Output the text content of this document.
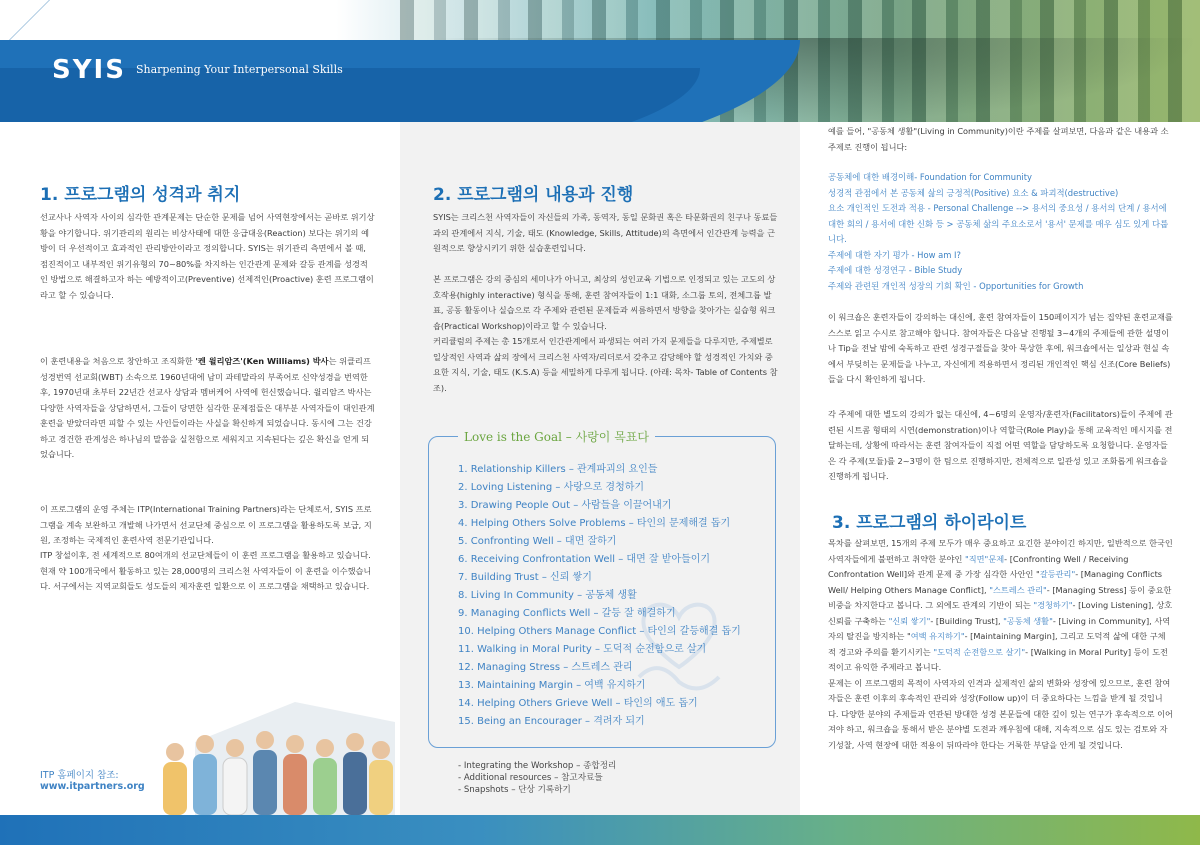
SYIS Sharpening Your Interpersonal Skills
1. 프로그램의 성격과 취지
선교사나 사역자 사이의 심각한 관계문제는 단순한 문제를 넘어 사역현장에서는 곧바로 위기상황을 야기합니다. 위기관리의 원리는 비상사태에 대한 응급대응(Reaction) 보다는 위기의 예방이 더 우선적이고 효과적인 관리방안이라고 정의합니다. SYIS는 위기관리 측면에서 볼 때, 점진적이고 내부적인 위기유형의 70~80%를 차지하는 인간관계 문제와 갈등 관계를 성경적인 방법으로 해결하고자 하는 예방적이고(Preventive) 선제적인(Proactive) 훈련 프로그램이라고 할 수 있습니다.
이 훈련내용을 처음으로 창안하고 조직화한 '켄 윌리암즈'(Ken Williams) 박사는 위클리프 성경번역 선교회(WBT) 소속으로 1960년대에 남미 과테말라의 부족어로 신약성경을 번역한 후, 1970년대 초부터 22년간 선교사 상담과 멤버케어 사역에 헌신했습니다. 윌리암즈 박사는 다양한 사역자들을 상담하면서, 그들이 당면한 심각한 문제점들은 대부분 사역자들이 대인관계 훈련을 받았더라면 피할 수 있는 사인들이라는 사실을 확신하게 되었습니다. 동시에 그는 건강하고 경건한 관계성은 하나님의 말씀을 실천함으로 세워지고 지속된다는 깊은 확신을 얻게 되었습니다.
이 프로그램의 운영 주체는 ITP(International Training Partners)라는 단체로서, SYIS 프로그램을 계속 보완하고 개발해 나가면서 선교단체 중심으로 이 프로그램을 활용하도록 보급, 지원, 조정하는 국제적인 훈련사역 전문기관입니다.
ITP 창설이후, 전 세계적으로 80여개의 선교단체들이 이 훈련 프로그램을 활용하고 있습니다. 현재 약 100개국에서 활동하고 있는 28,000명의 크리스천 사역자들이 이 훈련을 이수했습니다. 서구에서는 지역교회들도 성도들의 제자훈련 일환으로 이 프로그램을 채택하고 있습니다.
ITP 홈페이지 참조:
www.itpartners.org
2. 프로그램의 내용과 진행
SYIS는 크리스천 사역자들이 자신들의 가족, 동역자, 동일 문화권 혹은 타문화권의 친구나 동료들과의 관계에서 지식, 기술, 태도 (Knowledge, Skills, Attitude)의 측면에서 인간관계 능력을 근원적으로 향상시키기 위한 실습훈련입니다.
본 프로그램은 강의 중심의 세미나가 아니고, 최상의 성인교육 기법으로 인정되고 있는 고도의 상호작용(highly interactive) 형식을 통해, 훈련 참여자들이 1:1 대화, 소그룹 토의, 전체그룹 발표, 공동 활동이나 실습으로 각 주제와 관련된 문제들과 씨름하면서 방향을 찾아가는 실습형 워크숍(Practical Workshop)이라고 할 수 있습니다.
커리큘럼의 주제는 총 15개로서 인간관계에서 파생되는 여러 가지 문제들을 다루지만, 주제별로 일상적인 사역과 삶의 장에서 크리스천 사역자/리더로서 갖추고 감당해야 할 성경적인 가치와 중요한 지식, 기술, 태도 (K.S.A) 등을 세밀하게 다루게 됩니다. (아래: 목차- Table of Contents 참조).
Love is the Goal – 사랑이 목표다
1. Relationship Killers – 관계파괴의 요인들
2. Loving Listening – 사랑으로 경청하기
3. Drawing People Out – 사람들을 이끌어내기
4. Helping Others Solve Problems – 타인의 문제해결 돕기
5. Confronting Well – 대면 잘하기
6. Receiving Confrontation Well – 대면 잘 받아들이기
7. Building Trust – 신뢰 쌓기
8. Living In Community – 공동체 생활
9. Managing Conflicts Well – 갈등 잘 해결하기
10. Helping Others Manage Conflict – 타인의 갈등해결 돕기
11. Walking in Moral Purity – 도덕적 순전함으로 살기
12. Managing Stress – 스트레스 관리
13. Maintaining Margin – 여백 유지하기
14. Helping Others Grieve Well – 타인의 애도 돕기
15. Being an Encourager – 격려자 되기
- Integrating the Workshop – 종합정리
- Additional resources – 참고자료들
- Snapshots – 단상 기록하기
예를 들어, "공동체 생활"(Living in Community)이란 주제를 살펴보면, 다음과 같은 내용과 소주제로 진행이 됩니다:
공동체에 대한 배경이해- Foundation for Community
성경적 관점에서 본 공동체 삶의 긍정적(Positive) 요소 & 파괴적(destructive)
요소 개인적인 도전과 적용 - Personal Challenge --> 용서의 중요성 / 용서의 단계 / 용서에 대한 회의 / 용서에 대한 신화 등 > 공동체 삶의 주요소로서 '용서' 문제를 매우 심도 있게 다룹니다.
주제에 대한 자기 평가 - How am I?
주제에 대한 성경연구 - Bible Study
주제와 관련된 개인적 성장의 기회 확인 - Opportunities for Growth
이 워크숍은 훈련자들이 강의하는 대신에, 훈련 참여자들이 150페이지가 넘는 집약된 훈련교재를 스스로 읽고 수시로 참고해야 합니다. 참여자들은 다음날 진행될 3~4개의 주제들에 관한 설명이나 Tip을 전날 밤에 숙독하고 관련 성경구절들을 찾아 묵상한 후에, 워크숍에서는 일상과 현실 속에서 부딪히는 문제들을 나누고, 자신에게 적용하면서 정리된 개인적인 핵심 신조(Core Beliefs)들을 다시 확인하게 됩니다.
각 주제에 대한 별도의 강의가 없는 대신에, 4~6명의 운영자/훈련자(Facilitators)들이 주제에 관련된 시트콤 형태의 시연(demonstration)이나 역할극(Role Play)을 통해 교육적인 메시지를 전달하는데, 상황에 따라서는 훈련 참여자들이 직접 어떤 역할을 담당하도록 요청합니다. 운영자들은 각 주제(모듈)를 2~3명이 한 팀으로 진행하지만, 전체적으로 일관성 있고 조화롭게 워크숍을 진행하게 됩니다.
3. 프로그램의 하이라이트
목차를 살펴보면, 15개의 주제 모두가 매우 중요하고 요긴한 분야이긴 하지만, 일반적으로 한국인 사역자들에게 불편하고 취약한 분야인 "직면"문제- [Confronting Well / Receiving Confrontation Well]와 관계 문제 중 가장 심각한 사안인 "갈등관리"- [Managing Conflicts Well/ Helping Others Manage Conflict], "스트레스 관리"- [Managing Stress] 등이 중요한 비중을 차지한다고 봅니다. 그 외에도 관계의 기반이 되는 "경청하기"- [Loving Listening], 상호신뢰를 구축하는 "신뢰 쌓기"- [Building Trust], "공동체 생활"- [Living in Community], 사역자의 탈진을 방지하는 "여백 유지하기"- [Maintaining Margin], 그리고 도덕적 삶에 대한 구체적 경고와 주의를 환기시키는 "도덕적 순전함으로 살기"- [Walking in Moral Purity] 등이 도전적이고 유익한 주제라고 봅니다.
문제는 이 프로그램의 목적이 사역자의 인격과 실제적인 삶의 변화와 성장에 있으므로, 훈련 참여자들은 훈련 이후의 후속적인 관리와 성장(Follow up)이 더 중요하다는 느낌을 받게 될 것입니다. 다양한 분야의 주제들과 연관된 방대한 성경 본문들에 대한 깊이 있는 연구가 후속적으로 이어져야 하고, 워크숍을 통해서 받은 분야별 도전과 깨우침에 대해, 지속적으로 심도 있는 검토와 자기성찰, 사역 현장에 대한 적용이 뒤따라야 한다는 거룩한 부담을 안게 될 것입니다.
